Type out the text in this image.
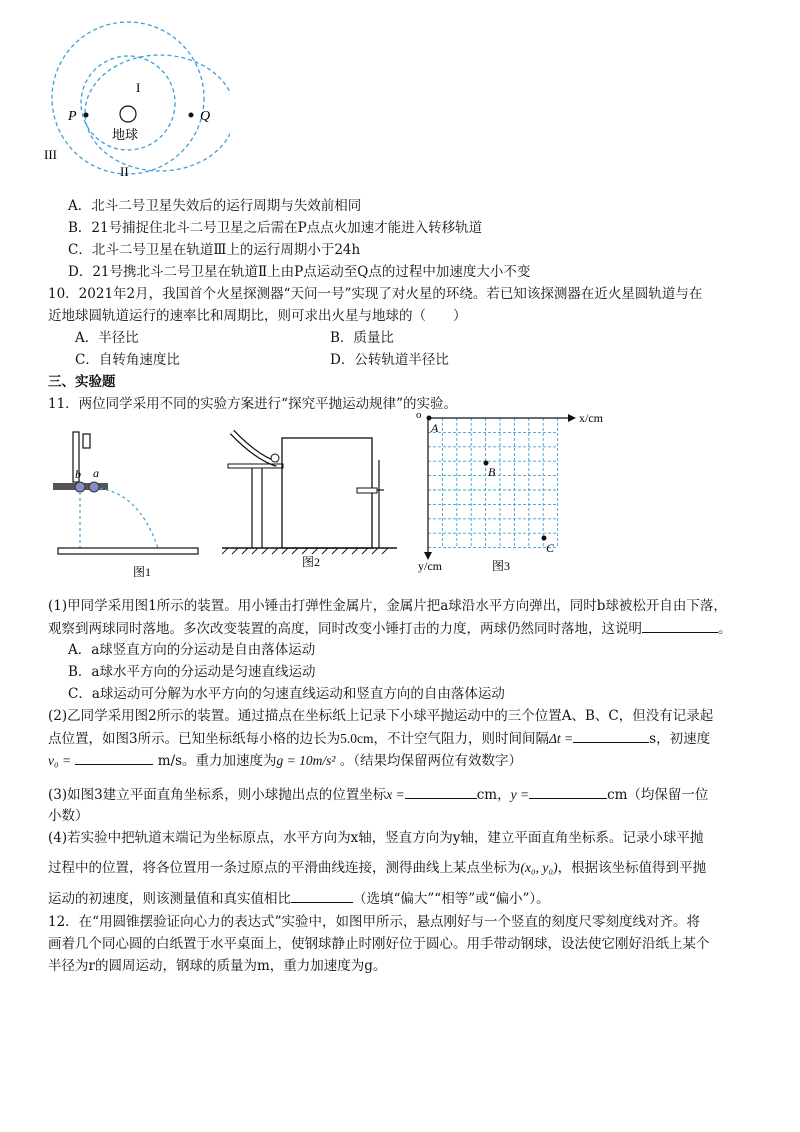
I
II
III
P	Q
地球
A．北斗二号卫星失效后的运行周期与失效前相同
B．21号捕捉住北斗二号卫星之后需在P点点火加速才能进入转移轨道
C．北斗二号卫星在轨道Ⅲ上的运行周期小于24h
D．21号携北斗二号卫星在轨道Ⅱ上由P点运动至Q点的过程中加速度大小不变
10．2021年2月，我国首个火星探测器“天问一号”实现了对火星的环绕。若已知该探测器在近火星圆轨道与在
近地球圆轨道运行的速率比和周期比，则可求出火星与地球的（　　）
A．半径比	B．质量比
C．自转角速度比	D．公转轨道半径比
三、实验题
11．两位同学采用不同的实验方案进行“探究平抛运动规律”的实验。
b a
图1
图2
o	x/cm
y/cm
A
B
C
图3
(1)甲同学采用图1所示的装置。用小锤击打弹性金属片，金属片把a球沿水平方向弹出，同时b球被松开自由下落，
观察到两球同时落地。多次改变装置的高度，同时改变小锤打击的力度，两球仍然同时落地，这说明	。
A．a球竖直方向的分运动是自由落体运动
B．a球水平方向的分运动是匀速直线运动
C．a球运动可分解为水平方向的匀速直线运动和竖直方向的自由落体运动
(2)乙同学采用图2所示的装置。通过描点在坐标纸上记录下小球平抛运动中的三个位置A、B、C，但没有记录起
点位置，如图3所示。已知坐标纸每小格的边长为5.0cm，不计空气阻力，则时间间隔Δt =	s，初速度
v₀ =	m/s。重力加速度为g = 10m/s² 。（结果均保留两位有效数字）
(3)如图3建立平面直角坐标系，则小球抛出点的位置坐标x =	cm，y =	cm（均保留一位
小数）
(4)若实验中把轨道末端记为坐标原点，水平方向为x轴，竖直方向为y轴，建立平面直角坐标系。记录小球平抛
过程中的位置，将各位置用一条过原点的平滑曲线连接，测得曲线上某点坐标为(x₀, y₀)，根据该坐标值得到平抛
运动的初速度，则该测量值和真实值相比	（选填“偏大”“相等”或“偏小”）。
12．在“用圆锥摆验证向心力的表达式”实验中，如图甲所示，悬点刚好与一个竖直的刻度尺零刻度线对齐。将
画着几个同心圆的白纸置于水平桌面上，使钢球静止时刚好位于圆心。用手带动钢球，设法使它刚好沿纸上某个
半径为r的圆周运动，钢球的质量为m，重力加速度为g。
